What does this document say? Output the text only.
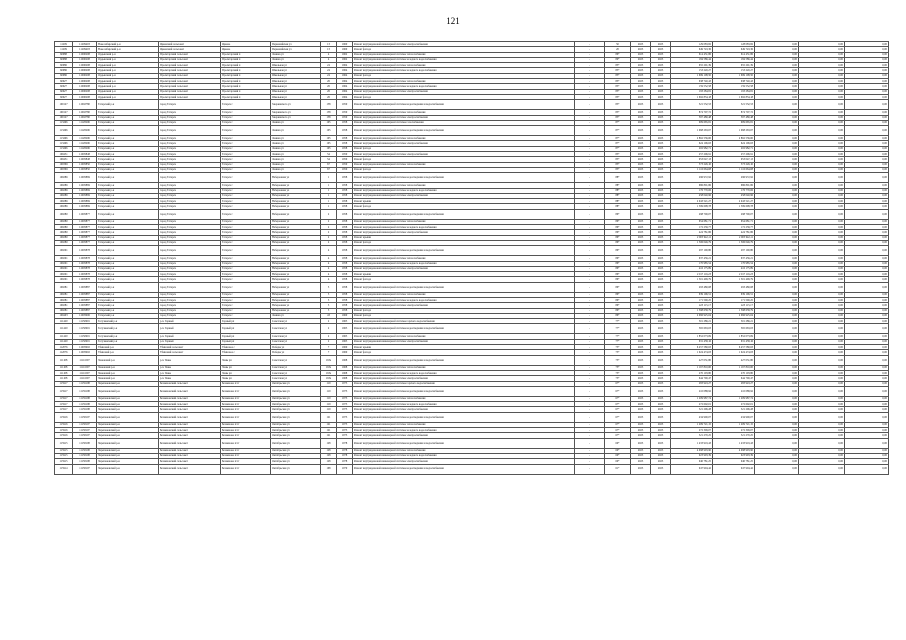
121
11209	11209403	Новосибирский р-н	Ярковский сельсовет	Ярково	Первомайская ул	13	1960	Ремонт внутридомовой инженерной системы электроснабжения	-	50	2025	2025	129 083,82	128 083,82	0,00	0,00	0,00
11209	11209403	Новосибирский р-н	Ярковский сельсовет	Ярково	Первомайская ул	13	1960	Ремонт фасада	-	20	2025	2025	649 743,36	649 743,36	0,00	0,00	0,00
60988	11090208	Ордынский р-н	Пролетарский сельсовет	Пролетарский п	Ленина ул	4	1962	Ремонт внутридомовой инженерной системы теплоснабжения	-	86*	2025	2025	614 431,86	614 431,86	0,00	0,00	0,00
60988	11090208	Ордынский р-н	Пролетарский сельсовет	Пролетарский п	Ленина ул	4	1962	Ремонт внутридомовой инженерной системы холодного водоснабжения	-	89*	2025	2025	184 586,44	184 586,44	0,00	0,00	0,00
60986	11090208	Ордынский р-н	Пролетарский сельсовет	Пролетарский п	Школьная ул	24	1964	Ремонт внутридомовой инженерной системы теплоснабжения	-	83*	2025	2025	655 291,39	655 291,39	0,00	0,00	0,00
60986	11090208	Ордынский р-н	Пролетарский сельсовет	Пролетарский п	Школьная ул	24	1964	Ремонт внутридомовой инженерной системы холодного водоснабжения	-	85*	2025	2025	153 220,27	153 220,27	0,00	0,00	0,00
60986	11090208	Ордынский р-н	Пролетарский сельсовет	Пролетарский п	Школьная ул	24	1964	Ремонт фасада	-	83*	2025	2025	1 699 108,50	1 699 108,50	0,00	0,00	0,00
60927	11090208	Ордынский р-н	Пролетарский сельсовет	Пролетарский п	Школьная ул	26	1964	Ремонт внутридомовой инженерной системы теплоснабжения	-	83*	2025	2025	638 740,43	638 740,43	0,00	0,00	0,00
60927	11090208	Ордынский р-н	Пролетарский сельсовет	Пролетарский п	Школьная ул	26	1964	Ремонт внутридомовой инженерной системы холодного водоснабжения	-	85*	2025	2025	159 552,58	159 552,58	0,00	0,00	0,00
60927	11090208	Ордынский р-н	Пролетарский сельсовет	Пролетарский п	Школьная ул	26	1964	Ремонт внутридомовой инженерной системы электроснабжения	-	83*	2025	2025	193 284,81	193 284,81	0,00	0,00	0,00
60927	11090208	Ордынский р-н	Пролетарский сельсовет	Пролетарский п	Школьная ул	26	1964	Ремонт фасада	-	83*	2025	2025	1 692 834,18	1 692 834,18	0,00	0,00	0,00
100127	11092780	Татарский р-н	город Татарск	Татарск г	Закраинского ул	138	1959	Ремонт внутридомовой инженерной системы водоотведения и водоснабжения	-	85*	2025	2025	321 532,53	321 532,53	0,00	0,00	0,00
100127	11092780	Татарский р-н	город Татарск	Татарск г	Закраинского ул	138	1959	Ремонт внутридомовой инженерной системы теплоснабжения	-	85*	2025	2025	874 707,72	874 707,72	0,00	0,00	0,00
100127	11092780	Татарский р-н	город Татарск	Татарск г	Закраинского ул	138	1959	Ремонт внутридомовой инженерной системы электроснабжения	-	85*	2025	2025	397 480,48	397 480,48	0,00	0,00	0,00
113266	11128206	Татарский р-н	город Татарск	Татарск г	Ленина ул	105	1958	Ремонт внутридомовой инженерной системы газоснабжения	-	87*	2025	2025	909 665,81	909 665,81	0,00	0,00	0,00
113266	11128206	Татарский р-н	город Татарск	Татарск г	Ленина ул	105	1958	Ремонт внутридомовой инженерной системы водоотведения и водоснабжения	-	87*	2025	2025	1 068 263,67	1 068 263,67	0,00	0,00	0,00
113266	11128206	Татарский р-н	город Татарск	Татарск г	Ленина ул	105	1958	Ремонт внутридомовой инженерной системы теплоснабжения	-	87*	2025	2025	2 862 536,60	2 862 536,60	0,00	0,00	0,00
113266	11128206	Татарский р-н	город Татарск	Татарск г	Ленина ул	105	1958	Ремонт внутридомовой инженерной системы электроснабжения	-	87*	2025	2025	624 106,63	624 106,63	0,00	0,00	0,00
113266	11128206	Татарский р-н	город Татарск	Татарск г	Ленина ул	105	1958	Ремонт фасада	-	87*	2025	2025	202 982,71	202 982,71	0,00	0,00	0,00
109451	11095848	Татарский р-н	город Татарск	Татарск г	Ленина ул	54	1959	Ремонт внутридомовой инженерной системы электроснабжения	-	85*	2025	2025	257 206,91	257 206,91	0,00	0,00	0,00
109451	11095848	Татарский р-н	город Татарск	Татарск г	Ленина ул	54	1959	Ремонт фасада	-	85*	2025	2025	953 047,13	953 047,13	0,00	0,00	0,00
109369	11095850	Татарский р-н	город Татарск	Татарск г	Ленина ул	67	1959	Ремонт внутридомовой инженерной системы теплоснабжения	-	83*	2025	2025	573 226,10	573 226,10	0,00	0,00	0,00
109369	11095850	Татарский р-н	город Татарск	Татарск г	Ленина ул	67	1959	Ремонт фасада	-	83*	2025	2025	1 116 664,08	1 116 664,08	0,00	0,00	0,00
109286	11095869	Татарский р-н	город Татарск	Татарск г	Набережная ул	1	1958	Ремонт внутридомовой инженерной системы водоотведения и водоснабжения	-	88*	2025	2025	296 972,92	296 972,92	0,00	0,00	0,00
109286	11095869	Татарский р-н	город Татарск	Татарск г	Набережная ул	1	1958	Ремонт внутридомовой инженерной системы теплоснабжения	-	88*	2025	2025	686 801,86	686 801,86	0,00	0,00	0,00
109286	11095869	Татарский р-н	город Татарск	Татарск г	Набережная ул	1	1958	Ремонт внутридомовой инженерной системы холодного водоснабжения	-	88*	2025	2025	176 770,06	176 770,06	0,00	0,00	0,00
109286	11095869	Татарский р-н	город Татарск	Татарск г	Набережная ул	1	1958	Ремонт внутридомовой инженерной системы электроснабжения	-	88*	2025	2025	458 040,96	458 040,96	0,00	0,00	0,00
109286	11095869	Татарский р-н	город Татарск	Татарск г	Набережная ул	1	1958	Ремонт крыши	-	88*	2025	2025	2 043 521,27	2 043 521,27	0,00	0,00	0,00
109286	11095869	Татарский р-н	город Татарск	Татарск г	Набережная ул	1	1958	Ремонт фасада	-	88*	2025	2025	1 599 698,78	1 599 698,78	0,00	0,00	0,00
109280	11095877	Татарский р-н	город Татарск	Татарск г	Набережная ул	2	1958	Ремонт внутридомовой инженерной системы водоотведения и водоснабжения	-	86*	2025	2025	298 700,07	298 700,07	0,00	0,00	0,00
109280	11095877	Татарский р-н	город Татарск	Татарск г	Набережная ул	2	1958	Ремонт внутридомовой инженерной системы теплоснабжения	-	86*	2025	2025	654 681,71	654 681,71	0,00	0,00	0,00
109280	11095877	Татарский р-н	город Татарск	Татарск г	Набережная ул	2	1958	Ремонт внутридомовой инженерной системы холодного водоснабжения	-	86*	2025	2025	172 239,77	172 239,77	0,00	0,00	0,00
109280	11095877	Татарский р-н	город Татарск	Татарск г	Набережная ул	2	1958	Ремонт внутридомовой инженерной системы электроснабжения	-	86*	2025	2025	424 781,86	424 781,86	0,00	0,00	0,00
109280	11095877	Татарский р-н	город Татарск	Татарск г	Набережная ул	2	1958	Ремонт крыши	-	86*	2025	2025	2 005 942,11	2 005 942,11	0,00	0,00	0,00
109280	11095877	Татарский р-н	город Татарск	Татарск г	Набережная ул	2	1958	Ремонт фасада	-	86*	2025	2025	1 506 046,79	1 506 046,79	0,00	0,00	0,00
109291	11095878	Татарский р-н	город Татарск	Татарск г	Набережная ул	4	1958	Ремонт внутридомовой инженерной системы водоотведения и водоснабжения	-	86*	2025	2025	297 190,80	297 190,80	0,00	0,00	0,00
109291	11095878	Татарский р-н	город Татарск	Татарск г	Набережная ул	4	1958	Ремонт внутридомовой инженерной системы теплоснабжения	-	86*	2025	2025	637 456,21	637 456,21	0,00	0,00	0,00
109291	11095878	Татарский р-н	город Татарск	Татарск г	Набережная ул	4	1958	Ремонт внутридомовой инженерной системы холодного водоснабжения	-	86*	2025	2025	170 985,54	170 985,54	0,00	0,00	0,00
109291	11095878	Татарский р-н	город Татарск	Татарск г	Набережная ул	4	1958	Ремонт внутридомовой инженерной системы электроснабжения	-	86*	2025	2025	416 175,89	416 175,89	0,00	0,00	0,00
109291	11095878	Татарский р-н	город Татарск	Татарск г	Набережная ул	4	1958	Ремонт крыши	-	86*	2025	2025	2 017 116,23	2 017 116,23	0,00	0,00	0,00
109291	11095878	Татарский р-н	город Татарск	Татарск г	Набережная ул	4	1958	Ремонт фасада	-	86*	2025	2025	1 501 499,79	1 501 499,79	0,00	0,00	0,00
109281	11095887	Татарский р-н	город Татарск	Татарск г	Набережная ул	5	1958	Ремонт внутридомовой инженерной системы водоотведения и водоснабжения	-	86*	2025	2025	293 480,08	293 480,08	0,00	0,00	0,00
109281	11095887	Татарский р-н	город Татарск	Татарск г	Набережная ул	5	1958	Ремонт внутридомовой инженерной системы теплоснабжения	-	86*	2025	2025	639 196,51	639 196,51	0,00	0,00	0,00
109281	11095887	Татарский р-н	город Татарск	Татарск г	Набережная ул	5	1958	Ремонт внутридомовой инженерной системы холодного водоснабжения	-	86*	2025	2025	171 590,25	171 590,25	0,00	0,00	0,00
109281	11095887	Татарский р-н	город Татарск	Татарск г	Набережная ул	5	1958	Ремонт внутридомовой инженерной системы электроснабжения	-	86*	2025	2025	423 115,17	423 115,17	0,00	0,00	0,00
109281	11095887	Татарский р-н	город Татарск	Татарск г	Набережная ул	5	1958	Ремонт фасада	-	86*	2025	2025	1 398 658,79	1 398 658,79	0,00	0,00	0,00
109403	11095906	Татарский р-н	город Татарск	Татарск г	Ленина ул	43	1960	Ремонт фасада	-	86*	2025	2025	2 066 925,04	2 066 925,04	0,00	0,00	0,00
111420	11150901	Тогучинский р-н	р.п. Горный	Горный рп	Советская ул	2	1965	Ремонт внутридомовой инженерной системы горячего водоснабжения	-	77*	2025	2025	501 286,21	501 286,21	0,00	0,00	0,00
111420	11150901	Тогучинский р-н	р.п. Горный	Горный рп	Советская ул	2	1965	Ремонт внутридомовой инженерной системы водоотведения и водоснабжения	-	77*	2025	2025	365 663,03	365 663,03	0,00	0,00	0,00
111420	11150901	Тогучинский р-н	р.п. Горный	Горный рп	Советская ул	2	1965	Ремонт внутридомовой инженерной системы теплоснабжения	-	77*	2025	2025	1 852 073,69	1 852 073,69	0,00	0,00	0,00
111420	11150901	Тогучинский р-н	р.п. Горный	Горный рп	Советская ул	2	1965	Ремонт внутридомовой инженерной системы электроснабжения	-	77*	2025	2025	631 458,16	631 458,16	0,00	0,00	0,00
112076	11095902	Убинский р-н	Убинский сельсовет	Убинское с	Победы ул	7	1969	Ремонт крыши	-	75*	2025	2025	6 457 580,63	6 457 580,63	0,00	0,00	0,00
112076	11095902	Убинский р-н	Убинский сельсовет	Убинское с	Победы ул	7	1969	Ремонт фасада	-	75*	2025	2025	1 924 474,03	1 924 474,03	0,00	0,00	0,00
111108	11111097	Чановский р-н	р.п. Чаны	Чаны рп	Советская ул	163а	1968	Ремонт внутридомовой инженерной системы водоотведения и водоснабжения	-	73*	2025	2025	427 031,80	427 031,80	0,00	0,00	0,00
111108	11111097	Чановский р-н	р.п. Чаны	Чаны рп	Советская ул	163а	1968	Ремонт внутридомовой инженерной системы теплоснабжения	-	73*	2025	2025	1 167 810,60	1 167 810,60	0,00	0,00	0,00
111108	11111097	Чановский р-н	р.п. Чаны	Чаны рп	Советская ул	163а	1968	Ремонт внутридомовой инженерной системы холодного водоснабжения	-	73*	2025	2025	270 103,80	270 103,80	0,00	0,00	0,00
111108	11111097	Чановский р-н	р.п. Чаны	Чаны рп	Советская ул	163а	1968	Ремонт внутридомовой инженерной системы электроснабжения	-	73*	2025	2025	644 790,47	644 790,47	0,00	0,00	0,00
115917	11159198	Черепановский р-н	Безменовский сельсовет	Безменово п/ст	Октябрьская ул	119	1973	Ремонт внутридомовой инженерной системы горячего водоснабжения	-	67*	2025	2025	283 943,27	283 943,27	0,00	0,00	0,00
115917	11159198	Черепановский р-н	Безменовский сельсовет	Безменово п/ст	Октябрьская ул	119	1973	Ремонт внутридомовой инженерной системы водоотведения и водоснабжения	-	67*	2025	2025	210 088,92	210 088,92	0,00	0,00	0,00
115917	11159198	Черепановский р-н	Безменовский сельсовет	Безменово п/ст	Октябрьская ул	119	1973	Ремонт внутридомовой инженерной системы теплоснабжения	-	67*	2025	2025	1 209 987,74	1 209 987,74	0,00	0,00	0,00
115917	11159198	Черепановский р-н	Безменовский сельсовет	Безменово п/ст	Октябрьская ул	119	1973	Ремонт внутридомовой инженерной системы холодного водоснабжения	-	67*	2025	2025	272 602,01	272 602,01	0,00	0,00	0,00
115917	11159198	Черепановский р-н	Безменовский сельсовет	Безменово п/ст	Октябрьская ул	119	1973	Ремонт внутридомовой инженерной системы электроснабжения	-	67*	2025	2025	521 296,28	521 296,28	0,00	0,00	0,00
115916	11158107	Черепановский р-н	Безменовский сельсовет	Безменово п/ст	Октябрьская ул	121	1973	Ремонт внутридомовой инженерной системы водоотведения и водоснабжения	-	67*	2025	2025	434 900,07	434 900,07	0,00	0,00	0,00
115916	11158107	Черепановский р-н	Безменовский сельсовет	Безменово п/ст	Октябрьская ул	121	1973	Ремонт внутридомовой инженерной системы теплоснабжения	-	67*	2025	2025	1 209 721,15	1 209 721,15	0,00	0,00	0,00
115916	11158107	Черепановский р-н	Безменовский сельсовет	Безменово п/ст	Октябрьская ул	121	1973	Ремонт внутридомовой инженерной системы холодного водоснабжения	-	67*	2025	2025	272 309,07	272 309,07	0,00	0,00	0,00
115916	11158107	Черепановский р-н	Безменовский сельсовет	Безменово п/ст	Октябрьская ул	121	1973	Ремонт внутридомовой инженерной системы электроснабжения	-	67*	2025	2025	521 270,25	521 270,25	0,00	0,00	0,00
115915	11158108	Черепановский р-н	Безменовский сельсовет	Безменово п/ст	Октябрьская ул	128	1978	Ремонт внутридомовой инженерной системы водоотведения и водоснабжения	-	60*	2025	2025	1 433 919,43	1 433 919,43	0,00	0,00	0,00
115915	11158108	Черепановский р-н	Безменовский сельсовет	Безменово п/ст	Октябрьская ул	128	1978	Ремонт внутридомовой инженерной системы теплоснабжения	-	60*	2025	2025	4 098 993,90	4 098 993,90	0,00	0,00	0,00
115915	11158108	Черепановский р-н	Безменовский сельсовет	Безменово п/ст	Октябрьская ул	128	1978	Ремонт внутридомовой инженерной системы холодного водоснабжения	-	60*	2025	2025	923 993,39	923 993,39	0,00	0,00	0,00
115915	11158108	Черепановский р-н	Безменовский сельсовет	Безменово п/ст	Октябрьская ул	128	1978	Ремонт внутридомовой инженерной системы электроснабжения	-	60*	2025	2025	940 781,25	940 781,25	0,00	0,00	0,00
115914	11158107	Черепановский р-н	Безменовский сельсовет	Безменово п/ст	Октябрьская ул	168	1979	Ремонт внутридомовой инженерной системы водоотведения и водоснабжения	-	61*	2025	2025	947 904,42	947 904,42	0,00	0,00	0,00
